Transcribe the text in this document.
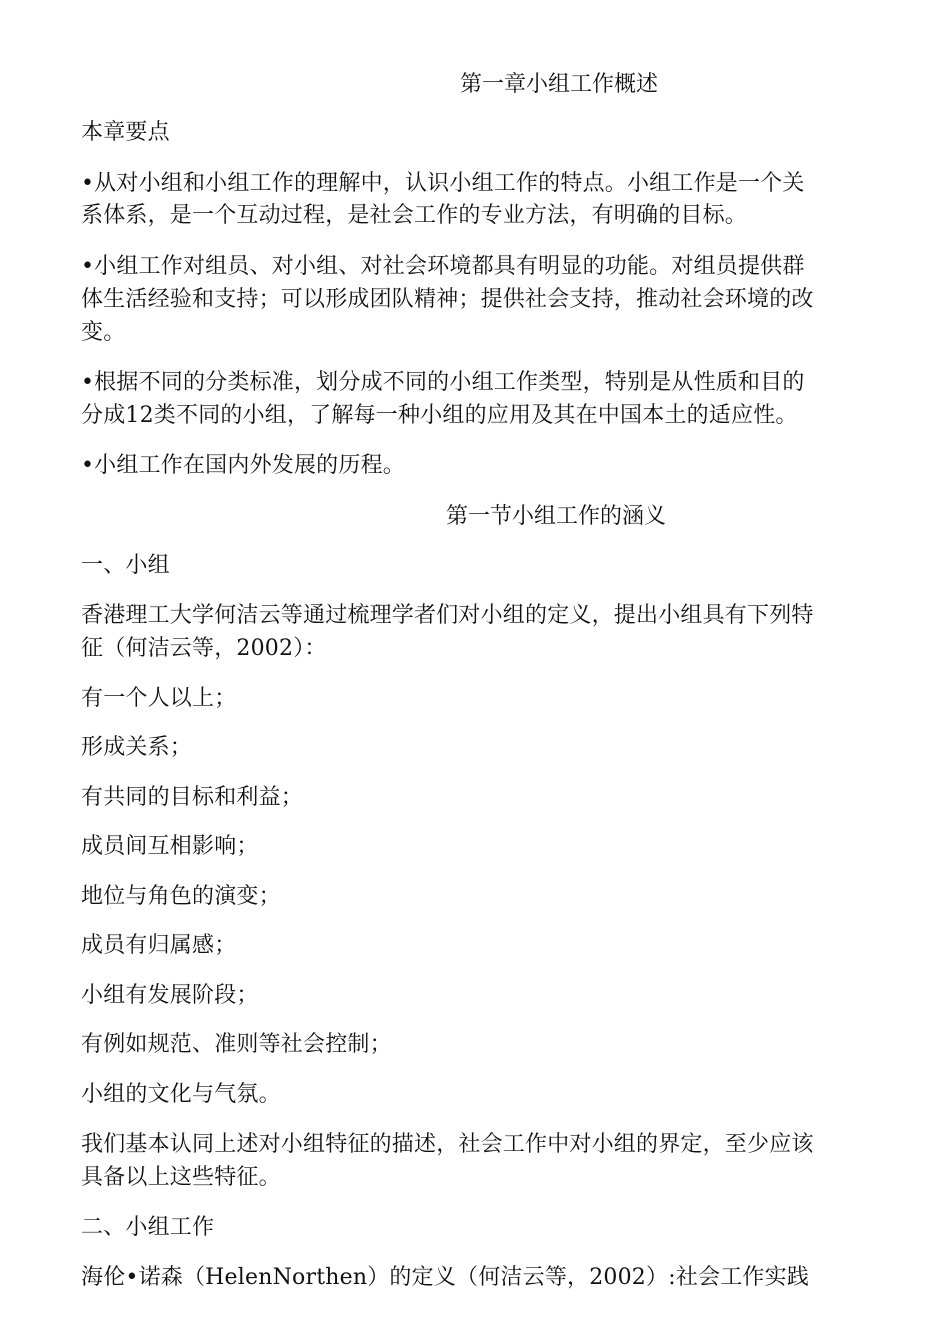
第一章小组工作概述
本章要点
•从对小组和小组工作的理解中，认识小组工作的特点。小组工作是一个关
系体系，是一个互动过程，是社会工作的专业方法，有明确的目标。
•小组工作对组员、对小组、对社会环境都具有明显的功能。对组员提供群
体生活经验和支持；可以形成团队精神；提供社会支持，推动社会环境的改
变。
•根据不同的分类标准，划分成不同的小组工作类型，特别是从性质和目的
分成12类不同的小组，了解每一种小组的应用及其在中国本土的适应性。
•小组工作在国内外发展的历程。
第一节小组工作的涵义
一、小组
香港理工大学何洁云等通过梳理学者们对小组的定义，提出小组具有下列特
征（何洁云等，2002）：
有一个人以上；
形成关系；
有共同的目标和利益；
成员间互相影响；
地位与角色的演变；
成员有归属感；
小组有发展阶段；
有例如规范、准则等社会控制；
小组的文化与气氛。
我们基本认同上述对小组特征的描述，社会工作中对小组的界定，至少应该
具备以上这些特征。
二、小组工作
海伦•诺森（HelenNorthen）的定义（何洁云等，2002）:社会工作实践
